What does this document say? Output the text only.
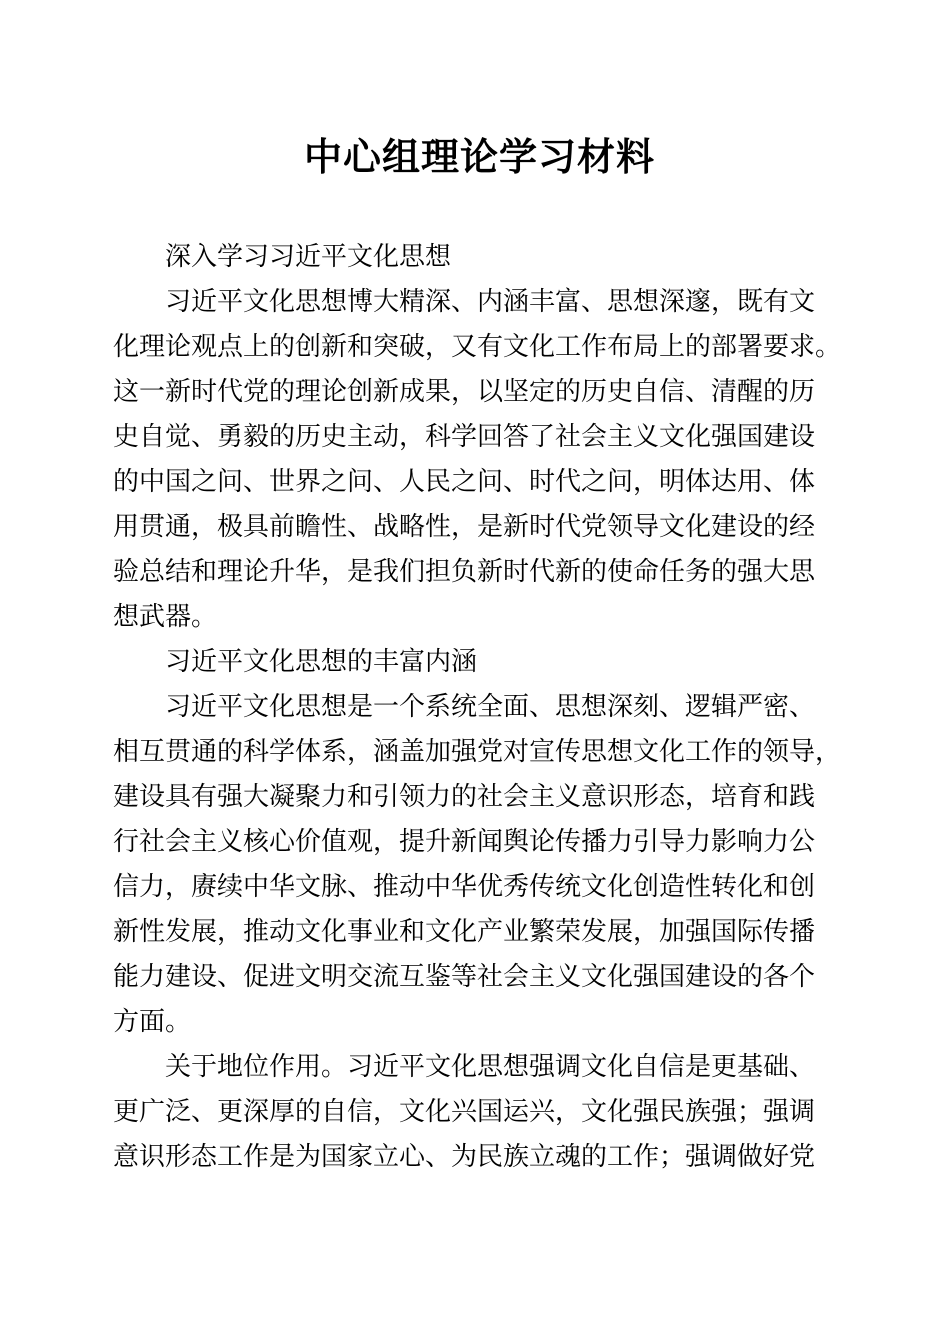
中心组理论学习材料
深入学习习近平文化思想
习近平文化思想博大精深、内涵丰富、思想深邃，既有文
化理论观点上的创新和突破，又有文化工作布局上的部署要求。
这一新时代党的理论创新成果，以坚定的历史自信、清醒的历
史自觉、勇毅的历史主动，科学回答了社会主义文化强国建设
的中国之问、世界之问、人民之问、时代之问，明体达用、体
用贯通，极具前瞻性、战略性，是新时代党领导文化建设的经
验总结和理论升华，是我们担负新时代新的使命任务的强大思
想武器。
习近平文化思想的丰富内涵
习近平文化思想是一个系统全面、思想深刻、逻辑严密、
相互贯通的科学体系，涵盖加强党对宣传思想文化工作的领导，
建设具有强大凝聚力和引领力的社会主义意识形态，培育和践
行社会主义核心价值观，提升新闻舆论传播力引导力影响力公
信力，赓续中华文脉、推动中华优秀传统文化创造性转化和创
新性发展，推动文化事业和文化产业繁荣发展，加强国际传播
能力建设、促进文明交流互鉴等社会主义文化强国建设的各个
方面。
关于地位作用。习近平文化思想强调文化自信是更基础、
更广泛、更深厚的自信，文化兴国运兴，文化强民族强；强调
意识形态工作是为国家立心、为民族立魂的工作；强调做好党
